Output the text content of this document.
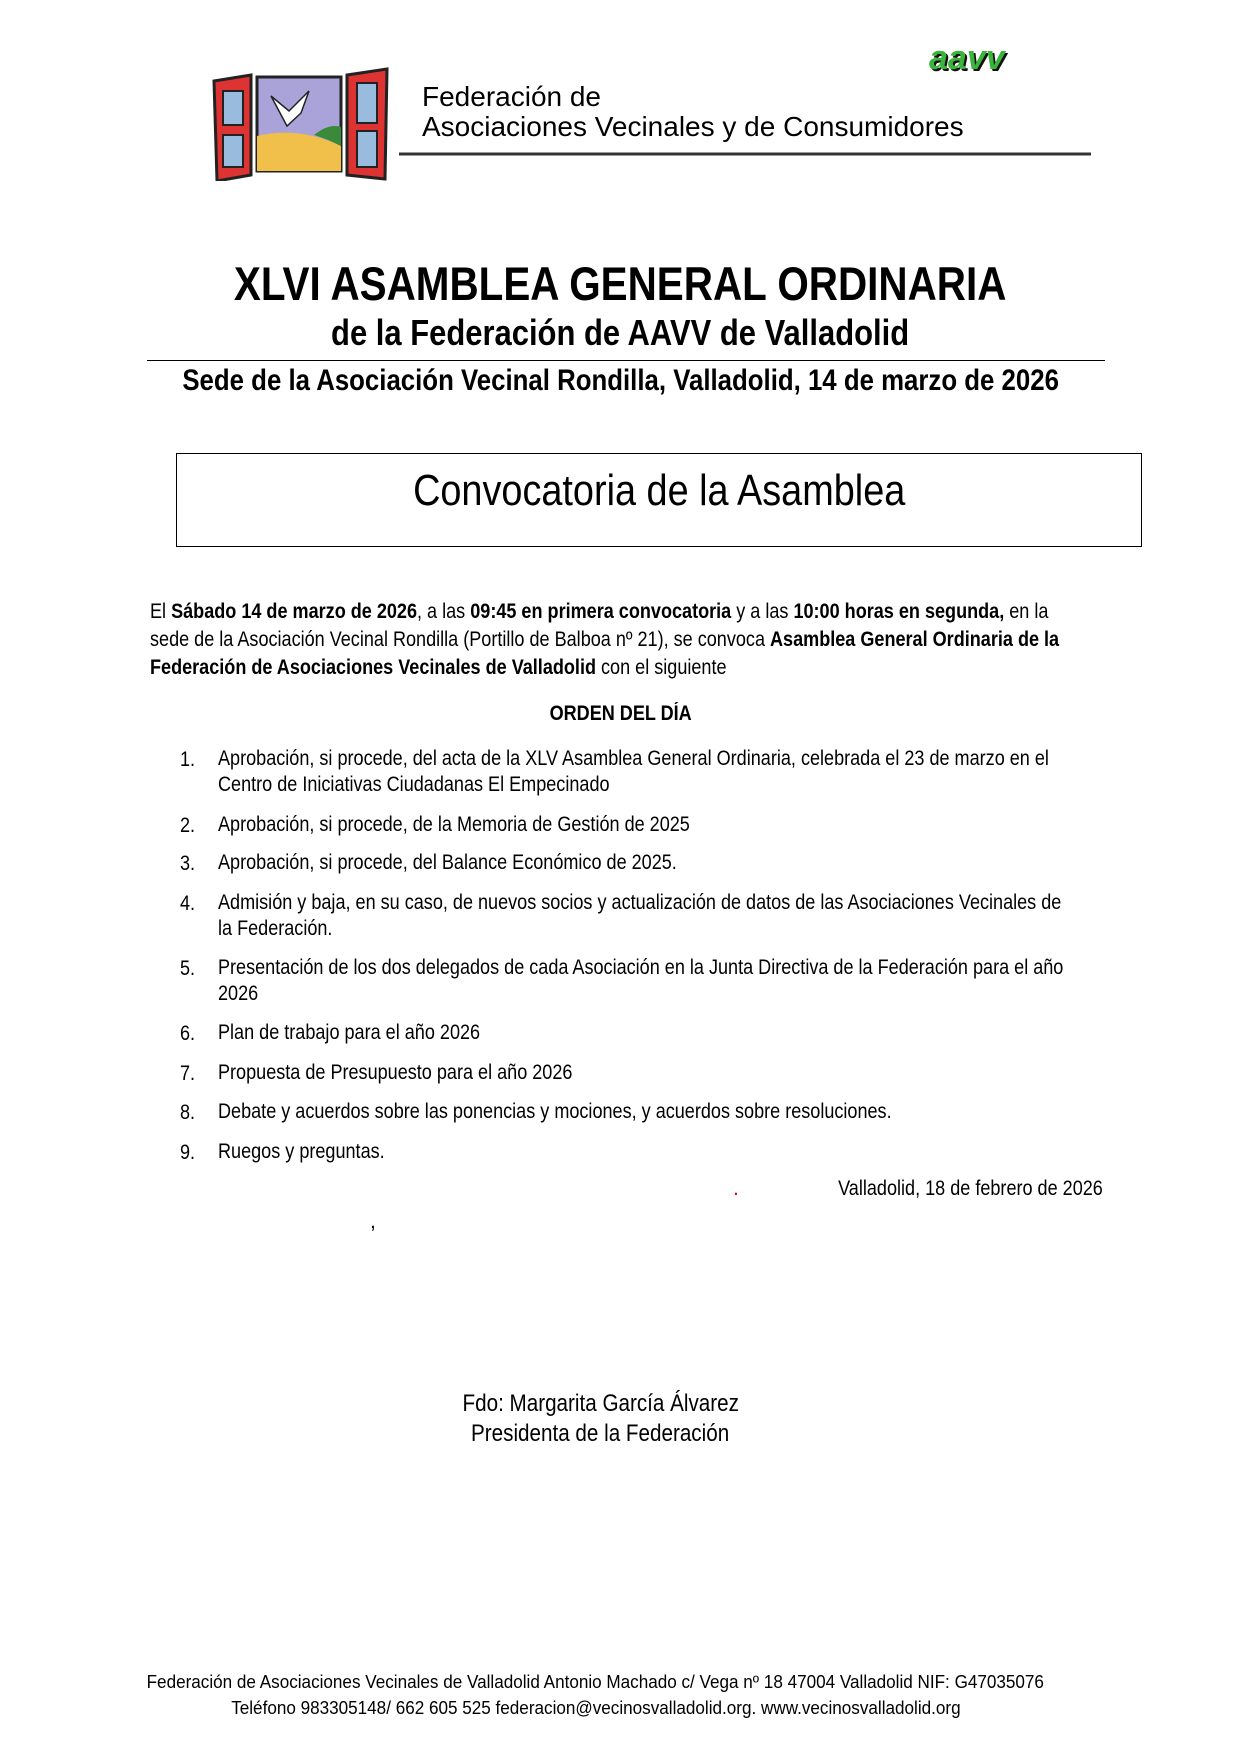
Federación de
Asociaciones Vecinales y de Consumidores
aavv
XLVI ASAMBLEA GENERAL ORDINARIA
de la Federación de AAVV de Valladolid
Sede de la Asociación Vecinal Rondilla, Valladolid, 14 de marzo de 2026
Convocatoria de la Asamblea
El Sábado 14 de marzo de 2026, a las 09:45 en primera convocatoria y a las 10:00 horas en segunda, en la
sede de la Asociación Vecinal Rondilla (Portillo de Balboa nº 21), se convoca Asamblea General Ordinaria de la
Federación de Asociaciones Vecinales de Valladolid con el siguiente
ORDEN DEL DÍA
1. Aprobación, si procede, del acta de la XLV Asamblea General Ordinaria, celebrada el 23 de marzo en el
Centro de Iniciativas Ciudadanas El Empecinado
2. Aprobación, si procede, de la Memoria de Gestión de 2025
3. Aprobación, si procede, del Balance Económico de 2025.
4. Admisión y baja, en su caso, de nuevos socios y actualización de datos de las Asociaciones Vecinales de
la Federación.
5. Presentación de los dos delegados de cada Asociación en la Junta Directiva de la Federación para el año
2026
6. Plan de trabajo para el año 2026
7. Propuesta de Presupuesto para el año 2026
8. Debate y acuerdos sobre las ponencias y mociones, y acuerdos sobre resoluciones.
9. Ruegos y preguntas.
.	Valladolid, 18 de febrero de 2026
,
Fdo: Margarita García Álvarez
Presidenta de la Federación
Federación de Asociaciones Vecinales de Valladolid Antonio Machado c/ Vega nº 18 47004 Valladolid NIF: G47035076
Teléfono 983305148/ 662 605 525 federacion@vecinosvalladolid.org. www.vecinosvalladolid.org
